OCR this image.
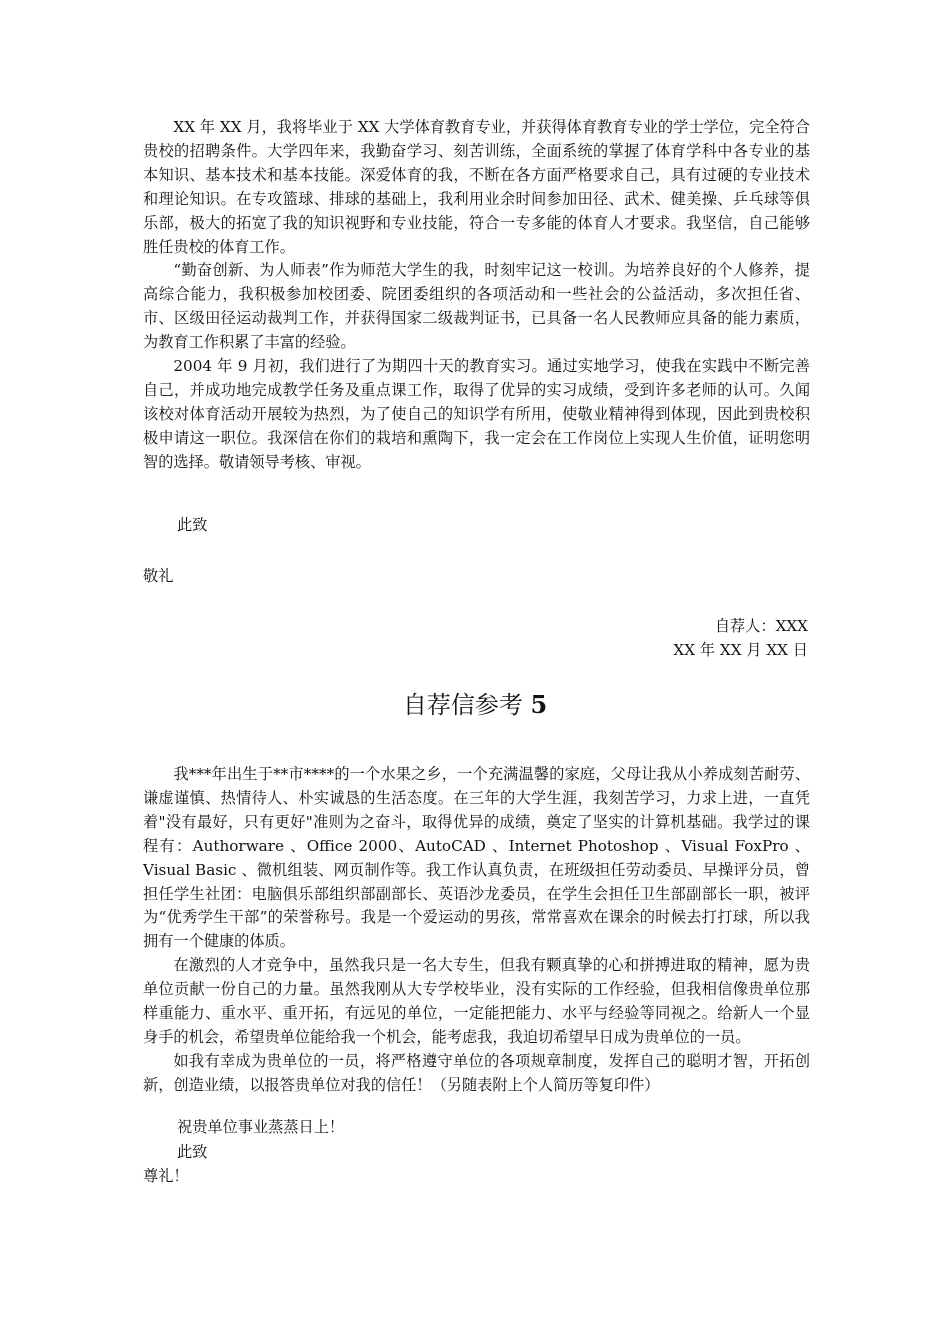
XX 年 XX 月，我将毕业于 XX 大学体育教育专业，并获得体育教育专业的学士学位，完全符合贵校的招聘条件。大学四年来，我勤奋学习、刻苦训练，全面系统的掌握了体育学科中各专业的基本知识、基本技术和基本技能。深爱体育的我，不断在各方面严格要求自己，具有过硬的专业技术和理论知识。在专攻篮球、排球的基础上，我利用业余时间参加田径、武术、健美操、乒乓球等俱乐部，极大的拓宽了我的知识视野和专业技能，符合一专多能的体育人才要求。我坚信，自己能够胜任贵校的体育工作。

“勤奋创新、为人师表”作为师范大学生的我，时刻牢记这一校训。为培养良好的个人修养，提高综合能力，我积极参加校团委、院团委组织的各项活动和一些社会的公益活动，多次担任省、市、区级田径运动裁判工作，并获得国家二级裁判证书，已具备一名人民教师应具备的能力素质，为教育工作积累了丰富的经验。

2004 年 9 月初，我们进行了为期四十天的教育实习。通过实地学习，使我在实践中不断完善自己，并成功地完成教学任务及重点课工作，取得了优异的实习成绩，受到许多老师的认可。久闻该校对体育活动开展较为热烈，为了使自己的知识学有所用，使敬业精神得到体现，因此到贵校积极申请这一职位。我深信在你们的栽培和熏陶下，我一定会在工作岗位上实现人生价值，证明您明智的选择。敬请领导考核、审视。

此致

敬礼

自荐人：XXX
XX 年 XX 月 XX 日
自荐信参考 5

我***年出生于**市****的一个水果之乡，一个充满温馨的家庭，父母让我从小养成刻苦耐劳、谦虚谨慎、热情待人、朴实诚恳的生活态度。在三年的大学生涯，我刻苦学习，力求上进，一直凭着"没有最好，只有更好"准则为之奋斗，取得优异的成绩，奠定了坚实的计算机基础。我学过的课程有：Authorware 、Office 2000、AutoCAD 、Internet Photoshop 、Visual FoxPro 、 Visual Basic 、微机组装、网页制作等。我工作认真负责，在班级担任劳动委员、早操评分员，曾担任学生社团：电脑俱乐部组织部副部长、英语沙龙委员，在学生会担任卫生部副部长一职，被评为“优秀学生干部”的荣誉称号。我是一个爱运动的男孩，常常喜欢在课余的时候去打打球，所以我拥有一个健康的体质。

在激烈的人才竞争中，虽然我只是一名大专生，但我有颗真挚的心和拼搏进取的精神，愿为贵单位贡献一份自己的力量。虽然我刚从大专学校毕业，没有实际的工作经验，但我相信像贵单位那样重能力、重水平、重开拓，有远见的单位，一定能把能力、水平与经验等同视之。给新人一个显身手的机会，希望贵单位能给我一个机会，能考虑我，我迫切希望早日成为贵单位的一员。

如我有幸成为贵单位的一员，将严格遵守单位的各项规章制度，发挥自己的聪明才智，开拓创新，创造业绩，以报答贵单位对我的信任！（另随表附上个人简历等复印件）

祝贵单位事业蒸蒸日上！

此致

尊礼！
